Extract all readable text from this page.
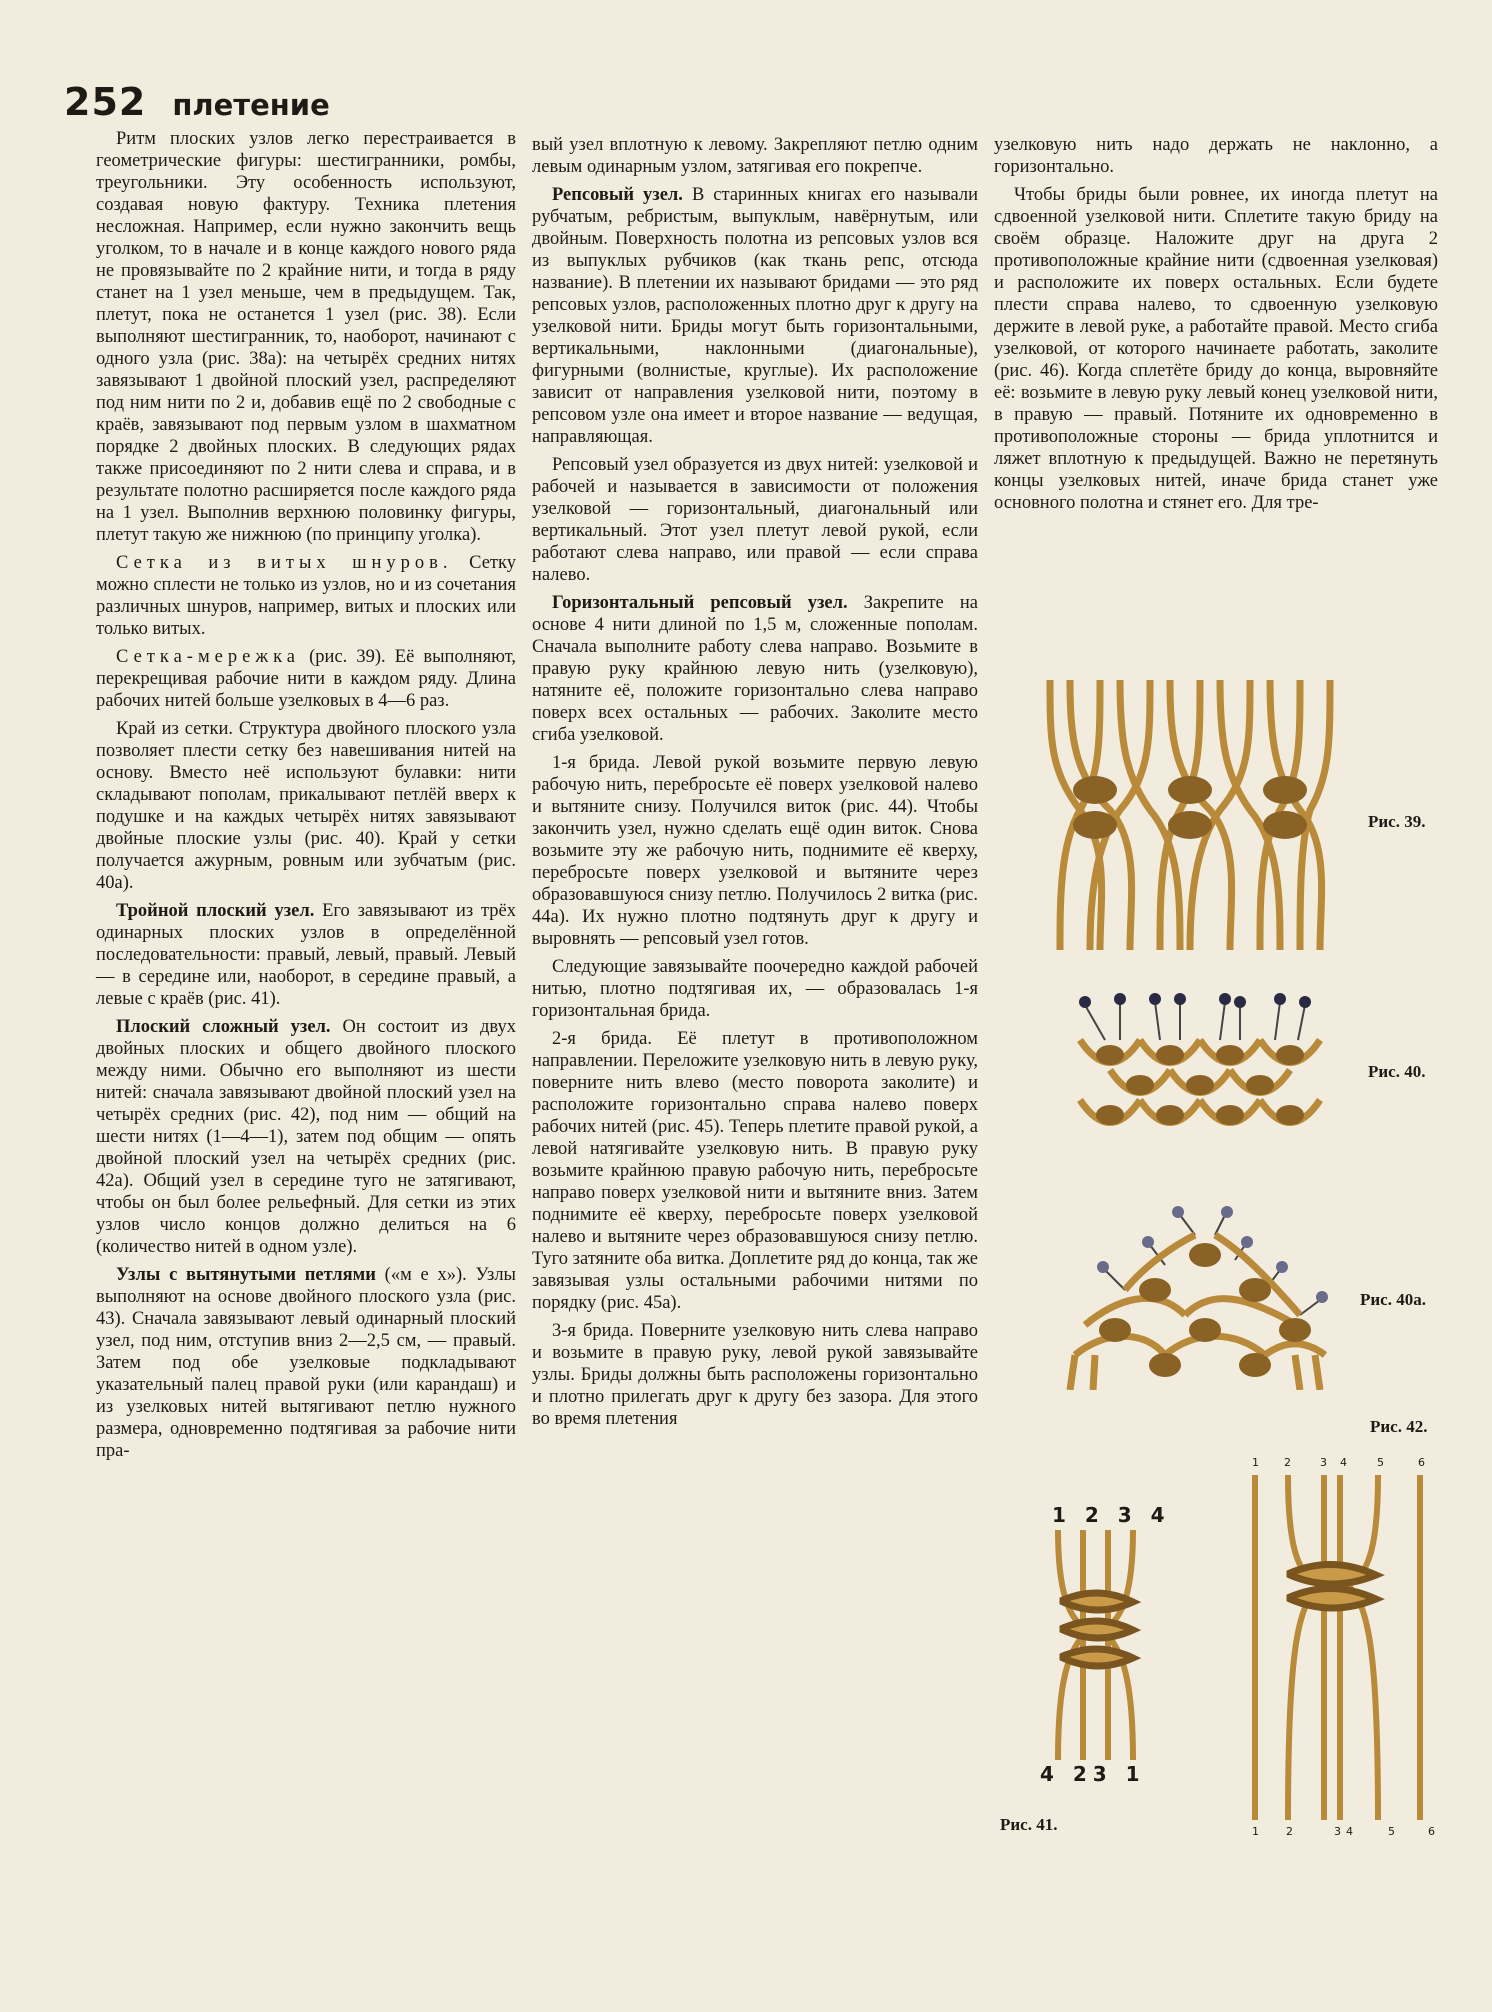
252 плетение

Ритм плоских узлов легко перестраивается в геометрические фигуры: шестигранники, ромбы, треугольники. Эту особенность используют, создавая новую фактуру. Техника плетения несложная. Например, если нужно закончить вещь уголком, то в начале и в конце каждого нового ряда не провязывайте по 2 крайние нити, и тогда в ряду станет на 1 узел меньше, чем в предыдущем. Так, плетут, пока не останется 1 узел (рис. 38). Если выполняют шестигранник, то, наоборот, начинают с одного узла (рис. 38а): на четырёх средних нитях завязывают 1 двойной плоский узел, распределяют под ним нити по 2 и, добавив ещё по 2 свободные с краёв, завязывают под первым узлом в шахматном порядке 2 двойных плоских. В следующих рядах также присоединяют по 2 нити слева и справа, и в результате полотно расширяется после каждого ряда на 1 узел. Выполнив верхнюю половинку фигуры, плетут такую же нижнюю (по принципу уголка).

Сетка из витых шнуров. Сетку можно сплести не только из узлов, но и из сочетания различных шнуров, например, витых и плоских или только витых.

Сетка-мережка (рис. 39). Её выполняют, перекрещивая рабочие нити в каждом ряду. Длина рабочих нитей больше узелковых в 4—6 раз.

Край из сетки. Структура двойного плоского узла позволяет плести сетку без навешивания нитей на основу. Вместо неё используют булавки: нити складывают пополам, прикалывают петлёй вверх к подушке и на каждых четырёх нитях завязывают двойные плоские узлы (рис. 40). Край у сетки получается ажурным, ровным или зубчатым (рис. 40а).

Тройной плоский узел. Его завязывают из трёх одинарных плоских узлов в определённой последовательности: правый, левый, правый. Левый — в середине или, наоборот, в середине правый, а левые с краёв (рис. 41).

Плоский сложный узел. Он состоит из двух двойных плоских и общего двойного плоского между ними. Обычно его выполняют из шести нитей: сначала завязывают двойной плоский узел на четырёх средних (рис. 42), под ним — общий на шести нитях (1—4—1), затем под общим — опять двойной плоский узел на четырёх средних (рис. 42а). Общий узел в середине туго не затягивают, чтобы он был более рельефный. Для сетки из этих узлов число концов должно делиться на 6 (количество нитей в одном узле).

Узлы с вытянутыми петлями («м е х»). Узлы выполняют на основе двойного плоского узла (рис. 43). Сначала завязывают левый одинарный плоский узел, под ним, отступив вниз 2—2,5 см, — правый. Затем под обе узелковые подкладывают указательный палец правой руки (или карандаш) и из узелковых нитей вытягивают петлю нужного размера, одновременно подтягивая за рабочие нити пра-

вый узел вплотную к левому. Закрепляют петлю одним левым одинарным узлом, затягивая его покрепче.

Репсовый узел. В старинных книгах его называли рубчатым, ребристым, выпуклым, навёрнутым, или двойным. Поверхность полотна из репсовых узлов вся из выпуклых рубчиков (как ткань репс, отсюда название). В плетении их называют бридами — это ряд репсовых узлов, расположенных плотно друг к другу на узелковой нити. Бриды могут быть горизонтальными, вертикальными, наклонными (диагональные), фигурными (волнистые, круглые). Их расположение зависит от направления узелковой нити, поэтому в репсовом узле она имеет и второе название — ведущая, направляющая.

Репсовый узел образуется из двух нитей: узелковой и рабочей и называется в зависимости от положения узелковой — горизонтальный, диагональный или вертикальный. Этот узел плетут левой рукой, если работают слева направо, или правой — если справа налево.

Горизонтальный репсовый узел. Закрепите на основе 4 нити длиной по 1,5 м, сложенные пополам. Сначала выполните работу слева направо. Возьмите в правую руку крайнюю левую нить (узелковую), натяните её, положите горизонтально слева направо поверх всех остальных — рабочих. Заколите место сгиба узелковой.

1-я брида. Левой рукой возьмите первую левую рабочую нить, перебросьте её поверх узелковой налево и вытяните снизу. Получился виток (рис. 44). Чтобы закончить узел, нужно сделать ещё один виток. Снова возьмите эту же рабочую нить, поднимите её кверху, перебросьте поверх узелковой и вытяните через образовавшуюся снизу петлю. Получилось 2 витка (рис. 44а). Их нужно плотно подтянуть друг к другу и выровнять — репсовый узел готов.

Следующие завязывайте поочередно каждой рабочей нитью, плотно подтягивая их, — образовалась 1-я горизонтальная брида.

2-я брида. Её плетут в противоположном направлении. Переложите узелковую нить в левую руку, поверните нить влево (место поворота заколите) и расположите горизонтально справа налево поверх рабочих нитей (рис. 45). Теперь плетите правой рукой, а левой натягивайте узелковую нить. В правую руку возьмите крайнюю правую рабочую нить, перебросьте направо поверх узелковой нити и вытяните вниз. Затем поднимите её кверху, перебросьте поверх узелковой налево и вытяните через образовавшуюся снизу петлю. Туго затяните оба витка. Доплетите ряд до конца, так же завязывая узлы остальными рабочими нитями по порядку (рис. 45а).

3-я брида. Поверните узелковую нить слева направо и возьмите в правую руку, левой рукой завязывайте узлы. Бриды должны быть расположены горизонтально и плотно прилегать друг к другу без зазора. Для этого во время плетения

узелковую нить надо держать не наклонно, а горизонтально.

Чтобы бриды были ровнее, их иногда плетут на сдвоенной узелковой нити. Сплетите такую бриду на своём образце. Наложите друг на друга 2 противоположные крайние нити (сдвоенная узелковая) и расположите их поверх остальных. Если будете плести справа налево, то сдвоенную узелковую держите в левой руке, а работайте правой. Место сгиба узелковой, от которого начинаете работать, заколите (рис. 46). Когда сплетёте бриду до конца, выровняйте её: возьмите в левую руку левый конец узелковой нити, в правую — правый. Потяните их одновременно в противоположные стороны — брида уплотнится и ляжет вплотную к предыдущей. Важно не перетянуть концы узелковых нитей, иначе брида станет уже основного полотна и стянет его. Для тре-

Рис. 39.
Рис. 40.
Рис. 40а.
Рис. 42.
1 2 3 4
4 23 1
Рис. 41.
1 2	3 4	5	6
1 2	3 4	5	6
